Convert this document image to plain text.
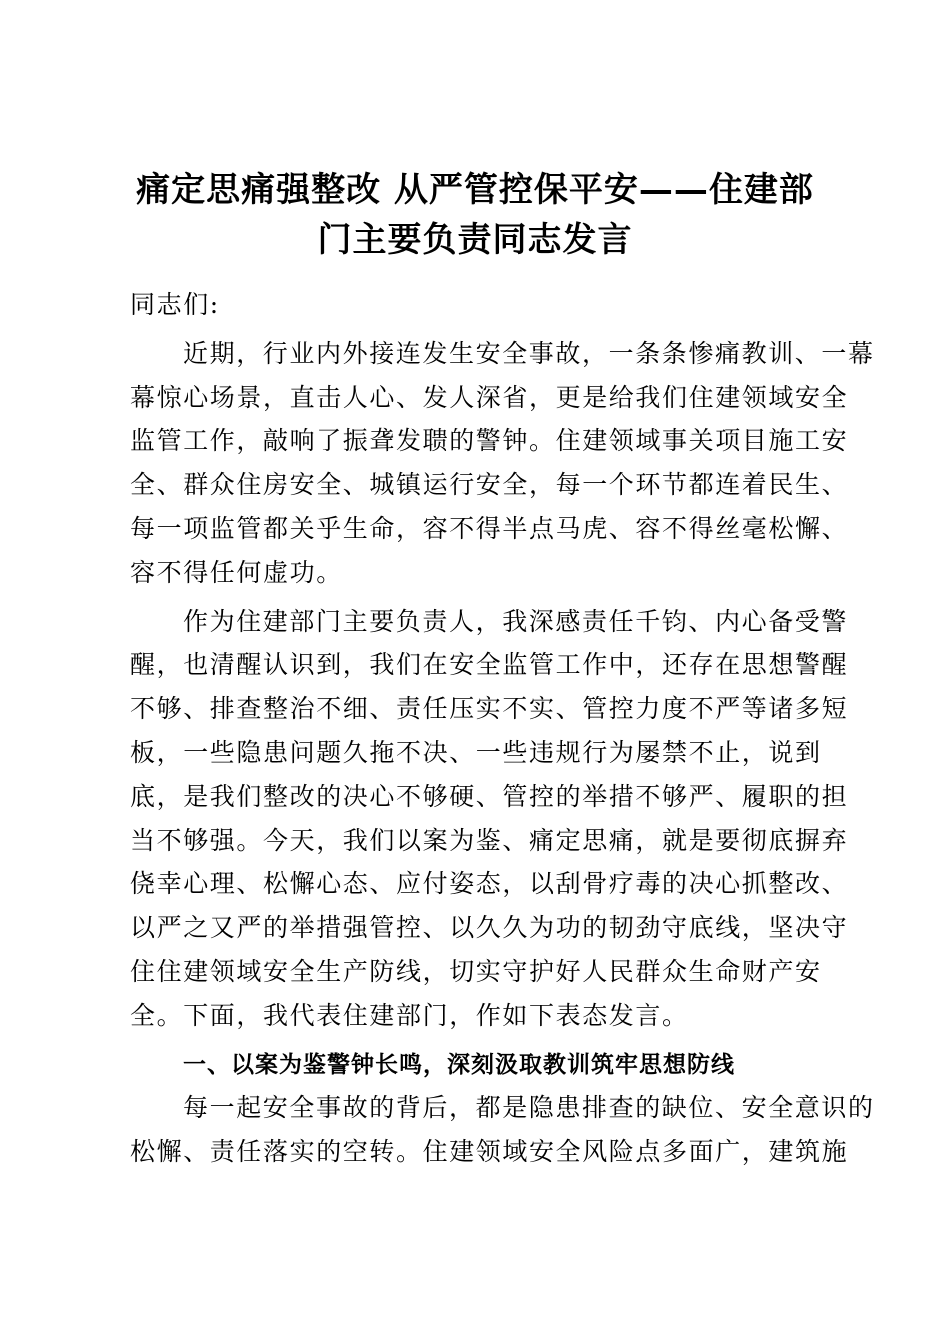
痛定思痛强整改 从严管控保平安——住建部
门主要负责同志发言
同志们:
近期，行业内外接连发生安全事故，一条条惨痛教训、一幕
幕惊心场景，直击人心、发人深省，更是给我们住建领域安全
监管工作，敲响了振聋发聩的警钟。住建领域事关项目施工安
全、群众住房安全、城镇运行安全，每一个环节都连着民生、
每一项监管都关乎生命，容不得半点马虎、容不得丝毫松懈、
容不得任何虚功。
作为住建部门主要负责人，我深感责任千钧、内心备受警
醒，也清醒认识到，我们在安全监管工作中，还存在思想警醒
不够、排查整治不细、责任压实不实、管控力度不严等诸多短
板，一些隐患问题久拖不决、一些违规行为屡禁不止，说到
底，是我们整改的决心不够硬、管控的举措不够严、履职的担
当不够强。今天，我们以案为鉴、痛定思痛，就是要彻底摒弃
侥幸心理、松懈心态、应付姿态，以刮骨疗毒的决心抓整改、
以严之又严的举措强管控、以久久为功的韧劲守底线，坚决守
住住建领域安全生产防线，切实守护好人民群众生命财产安
全。下面，我代表住建部门，作如下表态发言。
一、以案为鉴警钟长鸣，深刻汲取教训筑牢思想防线
每一起安全事故的背后，都是隐患排查的缺位、安全意识的
松懈、责任落实的空转。住建领域安全风险点多面广，建筑施
